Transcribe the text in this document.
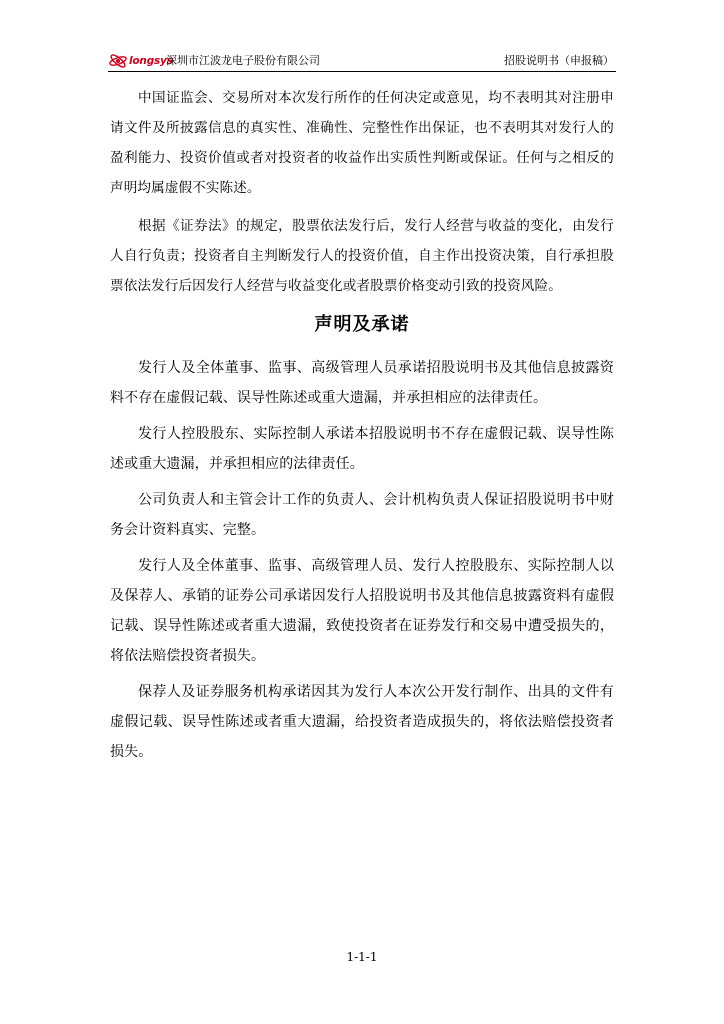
longsys
深圳市江波龙电子股份有限公司	招股说明书（申报稿）

中国证监会、交易所对本次发行所作的任何决定或意见，均不表明其对注册申请文件及所披露信息的真实性、准确性、完整性作出保证，也不表明其对发行人的盈利能力、投资价值或者对投资者的收益作出实质性判断或保证。任何与之相反的声明均属虚假不实陈述。

根据《证券法》的规定，股票依法发行后，发行人经营与收益的变化，由发行人自行负责；投资者自主判断发行人的投资价值，自主作出投资决策，自行承担股票依法发行后因发行人经营与收益变化或者股票价格变动引致的投资风险。

声明及承诺

发行人及全体董事、监事、高级管理人员承诺招股说明书及其他信息披露资料不存在虚假记载、误导性陈述或重大遗漏，并承担相应的法律责任。

发行人控股股东、实际控制人承诺本招股说明书不存在虚假记载、误导性陈述或重大遗漏，并承担相应的法律责任。

公司负责人和主管会计工作的负责人、会计机构负责人保证招股说明书中财务会计资料真实、完整。

发行人及全体董事、监事、高级管理人员、发行人控股股东、实际控制人以及保荐人、承销的证券公司承诺因发行人招股说明书及其他信息披露资料有虚假记载、误导性陈述或者重大遗漏，致使投资者在证券发行和交易中遭受损失的，将依法赔偿投资者损失。

保荐人及证券服务机构承诺因其为发行人本次公开发行制作、出具的文件有虚假记载、误导性陈述或者重大遗漏，给投资者造成损失的，将依法赔偿投资者损失。

1-1-1
